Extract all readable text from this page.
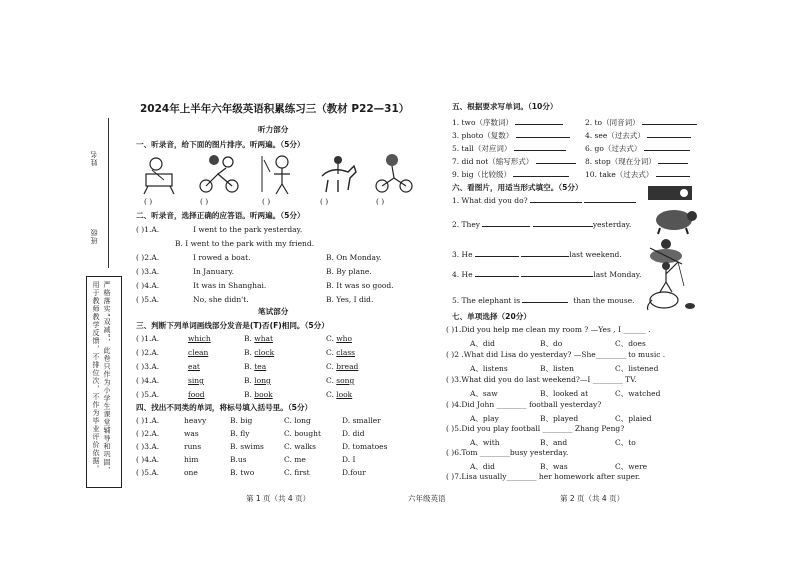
姓名
班级
严格落实“双减”，此卷只作为小学生课堂辅导和巩固，用于教师教学反馈，不排位次，不作为毕业评价依据。
2024年上半年六年级英语积累练习三（教材 P22—31）
听力部分
一、听录音，给下面的图片排序。听两遍。（5分）
( )	( )	( )	( )	( )
二、听录音，选择正确的应答语。听两遍。（5分）
( )1.A.	I went to the park yesterday.
B. I went to the park with my friend.
( )2.A.	I rowed a boat.	B. On Monday.
( )3.A.	In January.	B. By plane.
( )4.A.	It was in Shanghai.	B. It was so good.
( )5.A.	No, she didn't.	B. Yes, I did.
笔试部分
三、判断下列单词画线部分发音是(T)否(F)相同。（5分）
( )1.A.	which	B. what	C. who
( )2.A.	clean	B. clock	C. class
( )3.A.	eat	B. tea	C. bread
( )4.A.	sing	B. long	C. song
( )5.A.	food	B. book	C. look
四、找出不同类的单词，将标号填入括号里。（5分）
( )1.A.	heavy	B. big	C. long	D. smaller
( )2.A.	was	B. fly	C. bought	D. did
( )3.A.	runs	B. swims	C. walks	D. tomatoes
( )4.A.	him	B.us	C. me	D. I
( )5.A.	one	B. two	C. first	D.four
第 1 页（共 4 页）	六年级英语
五、根据要求写单词。（10分）
1. two（序数词）	2. to（同音词）
3. photo（复数）	4. see（过去式）
5. tall（对应词）	6. go（过去式）
7. did not（缩写形式）	8. stop（现在分词）
9. big（比较级）	10. take（过去式）
六、看图片，用适当形式填空。（5分）
1. What did you do?
2. They	yesterday.
3. He	last weekend.
4. He	last Monday.
5. The elephant is	than the mouse.
七、单项选择（20分）
( )1.Did you help me clean my room ? —Yes , I ______ .
A、did	B、do	C、does
( )2 .What did Lisa do yesterday? —She________ to music .
A、listens	B、listen	C、listened
( )3.What did you do last weekend?—I ________ TV.
A、saw	B、looked at	C、watched
( )4.Did John ________ football yesterday?
A、play	B、played	C、plaied
( )5.Did you play football ________ Zhang Peng?
A、with	B、and	C、to
( )6.Tom ________busy yesterday.
A、did	B、was	C、were
( )7.Lisa usually________ her homework after super.
第 2 页（共 4 页）
